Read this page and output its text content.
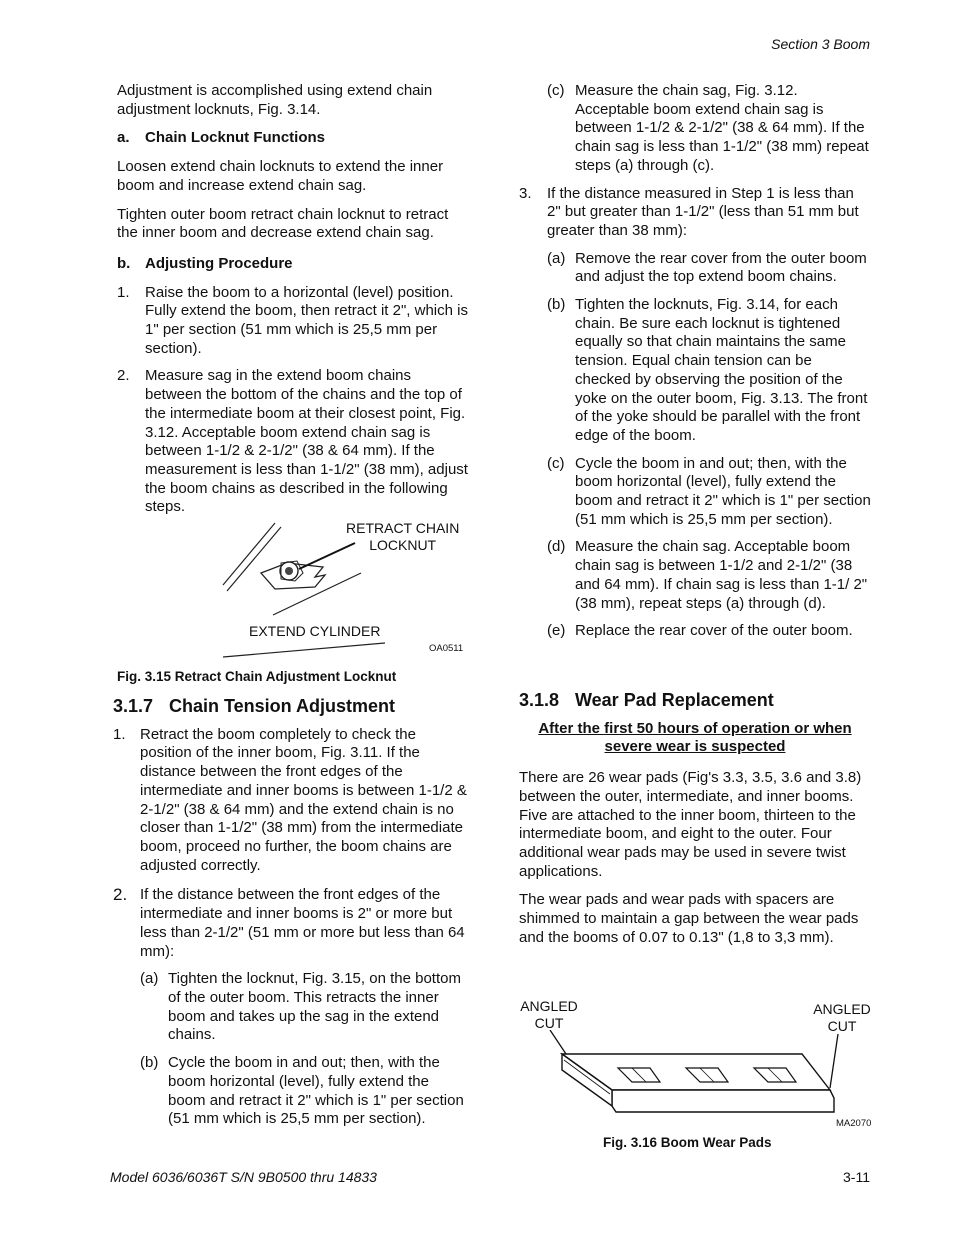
Section 3 Boom

Adjustment is accomplished using extend chain adjustment locknuts, Fig. 3.14.

a. Chain Locknut Functions

Loosen extend chain locknuts to extend the inner boom and increase extend chain sag.

Tighten outer boom retract chain locknut to retract the inner boom and decrease extend chain sag.

b. Adjusting Procedure
1. Raise the boom to a horizontal (level) position. Fully extend the boom, then retract it 2", which is 1" per section (51 mm which is 25,5 mm per section).
2. Measure sag in the extend boom chains between the bottom of the chains and the top of the intermediate boom at their closest point, Fig. 3.12. Acceptable boom extend chain sag is between 1-1/2 & 2-1/2" (38 & 64 mm). If the measurement is less than 1-1/2" (38 mm), adjust the boom chains as described in the following steps.
RETRACT CHAIN
LOCKNUT
EXTEND CYLINDER
OA0511
Fig. 3.15 Retract Chain Adjustment Locknut
3.1.7 Chain Tension Adjustment
1. Retract the boom completely to check the position of the inner boom, Fig. 3.11. If the distance between the front edges of the intermediate and inner booms is between 1-1/2 & 2-1/2" (38 & 64 mm) and the extend chain is no closer than 1-1/2" (38 mm) from the intermediate boom, proceed no further, the boom chains are adjusted correctly.
2. If the distance between the front edges of the intermediate and inner booms is 2" or more but less than 2-1/2" (51 mm or more but less than 64 mm):
(a) Tighten the locknut, Fig. 3.15, on the bottom of the outer boom. This retracts the inner boom and takes up the sag in the extend chains.
(b) Cycle the boom in and out; then, with the boom horizontal (level), fully extend the boom and retract it 2" which is 1" per section (51 mm which is 25,5 mm per section).
(c) Measure the chain sag, Fig. 3.12. Acceptable boom extend chain sag is between 1-1/2 & 2-1/2" (38 & 64 mm). If the chain sag is less than 1-1/2" (38 mm) repeat steps (a) through (c).
3. If the distance measured in Step 1 is less than 2" but greater than 1-1/2" (less than 51 mm but greater than 38 mm):
(a) Remove the rear cover from the outer boom and adjust the top extend boom chains.
(b) Tighten the locknuts, Fig. 3.14, for each chain. Be sure each locknut is tightened equally so that chain maintains the same tension. Equal chain tension can be checked by observing the position of the yoke on the outer boom, Fig. 3.13. The front of the yoke should be parallel with the front edge of the boom.
(c) Cycle the boom in and out; then, with the boom horizontal (level), fully extend the boom and retract it 2" which is 1" per section (51 mm which is 25,5 mm per section).
(d) Measure the chain sag. Acceptable boom chain sag is between 1-1/2 and 2-1/2" (38 and 64 mm). If chain sag is less than 1-1/ 2" (38 mm), repeat steps (a) through (d).
(e) Replace the rear cover of the outer boom.
3.1.8 Wear Pad Replacement
After the first 50 hours of operation or when severe wear is suspected

There are 26 wear pads (Fig's 3.3, 3.5, 3.6 and 3.8) between the outer, intermediate, and inner booms. Five are attached to the inner boom, thirteen to the intermediate boom, and eight to the outer. Four additional wear pads may be used in severe twist applications.

The wear pads and wear pads with spacers are shimmed to maintain a gap between the wear pads and the booms of 0.07 to 0.13" (1,8 to 3,3 mm).

ANGLED
CUT
ANGLED
CUT
MA2070
Fig. 3.16 Boom Wear Pads
Model 6036/6036T S/N 9B0500 thru 14833	3-11
